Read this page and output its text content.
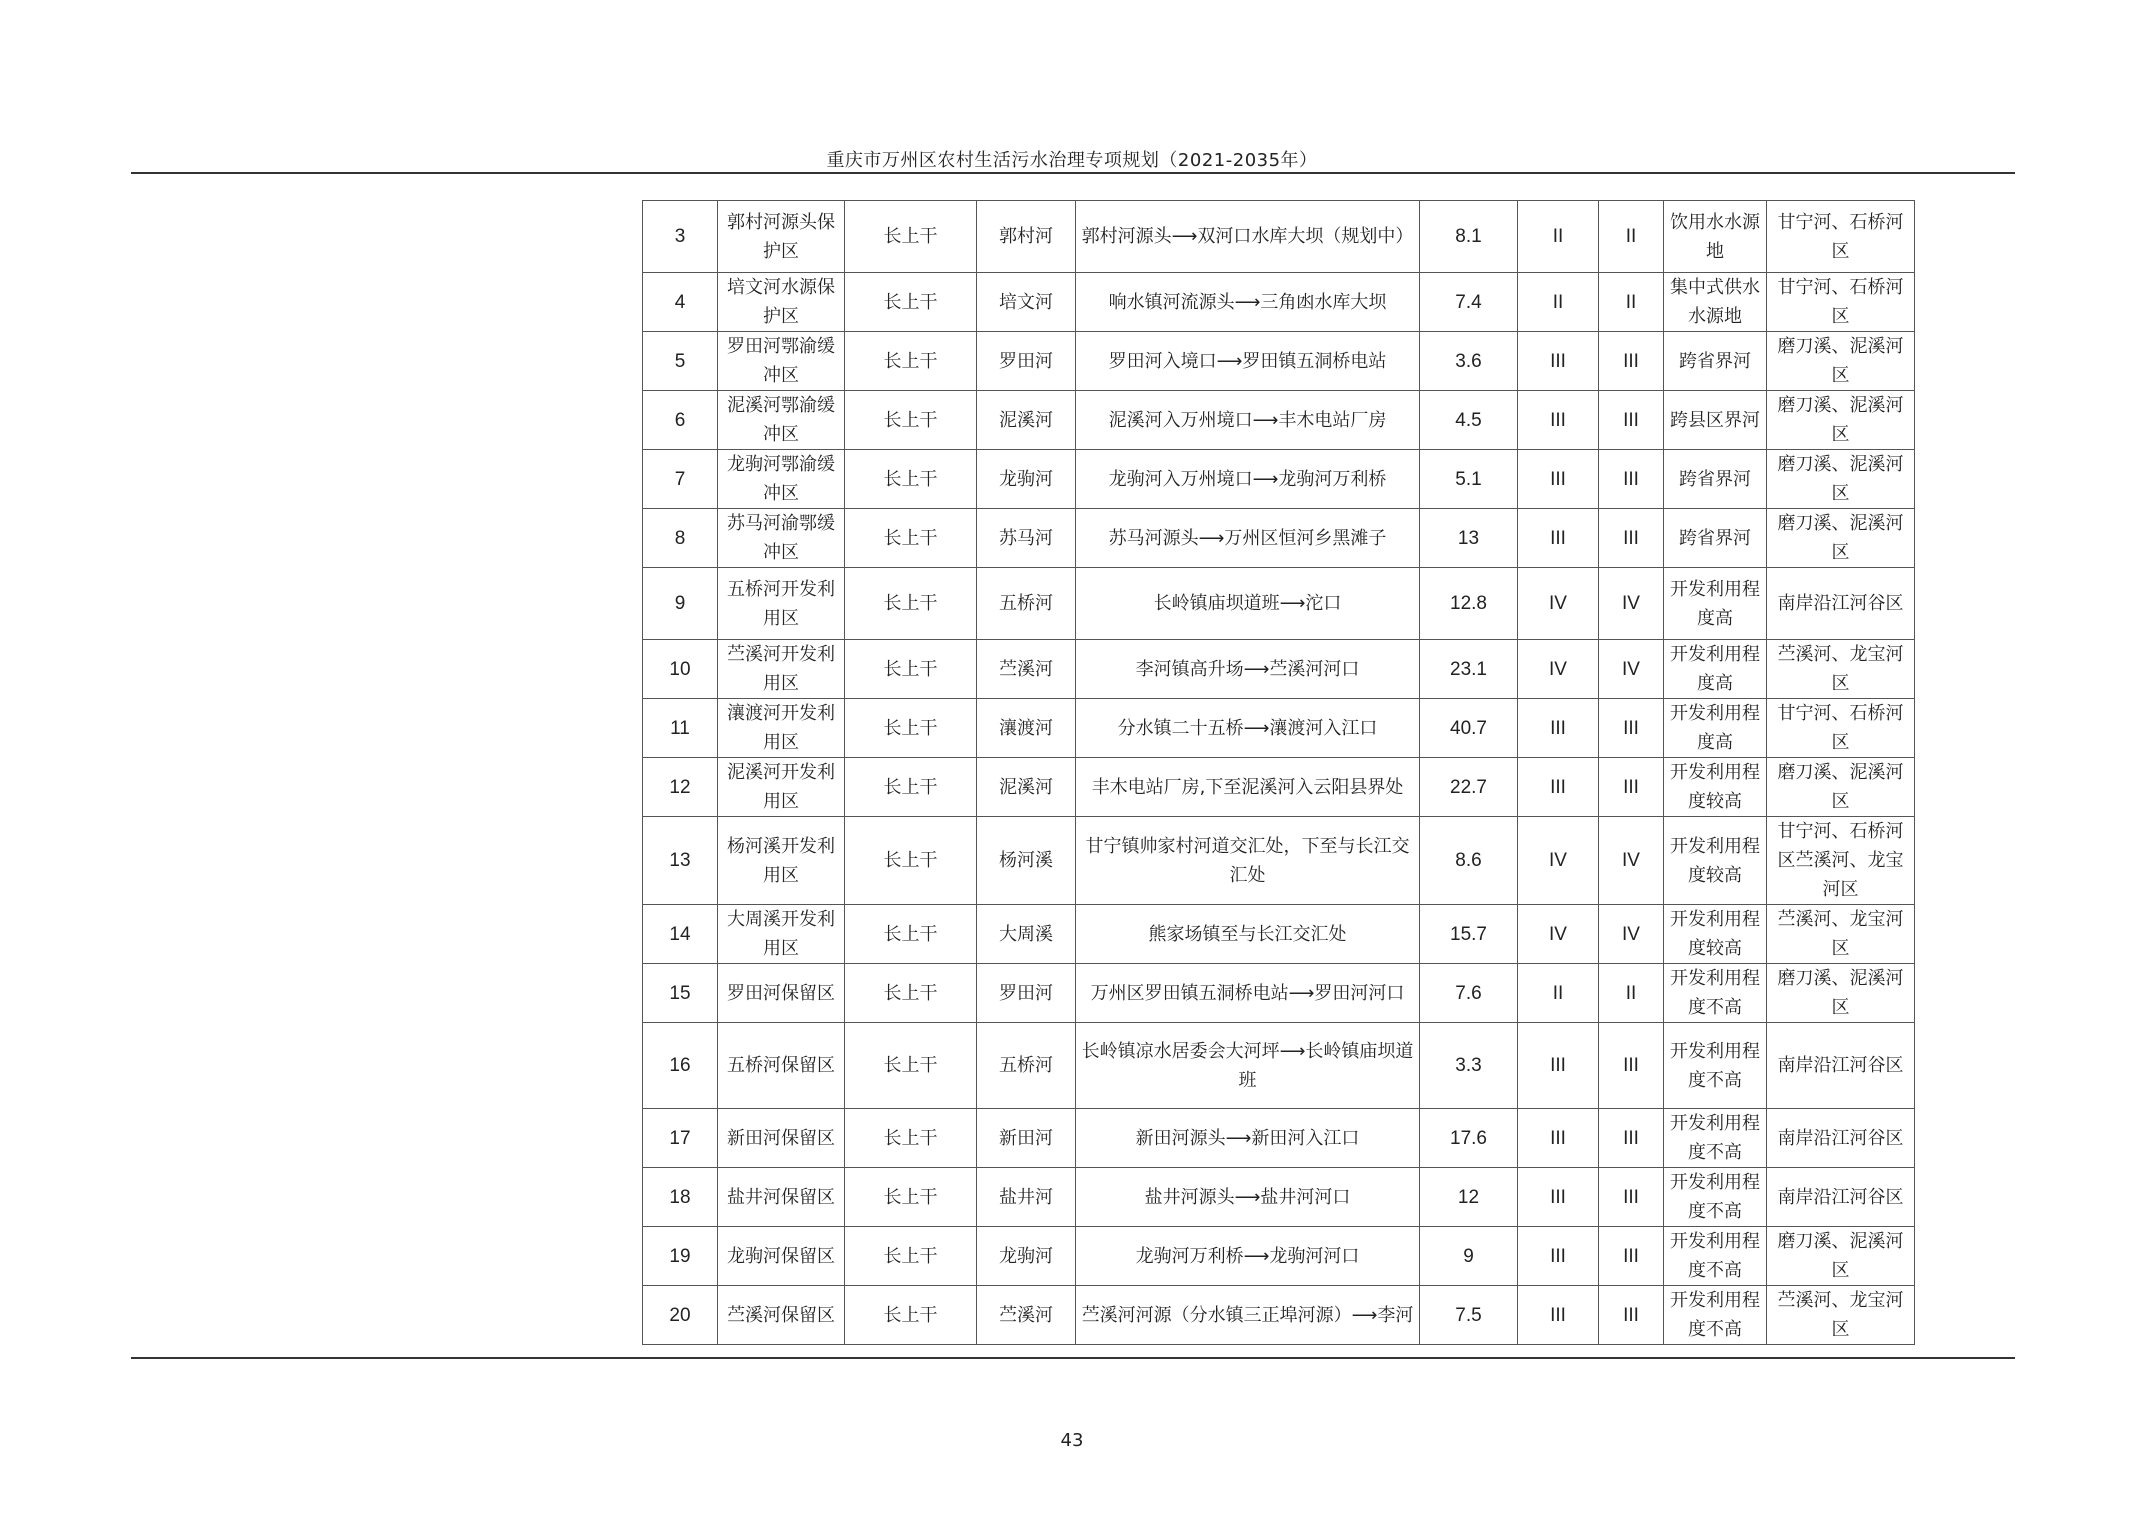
重庆市万州区农村生活污水治理专项规划（2021-2035年）
3	郭村河源头保护区	长上干	郭村河	郭村河源头⟶双河口水库大坝（规划中）	8.1	II	II	饮用水水源地	甘宁河、石桥河区
4	培文河水源保护区	长上干	培文河	响水镇河流源头⟶三角凼水库大坝	7.4	II	II	集中式供水水源地	甘宁河、石桥河区
5	罗田河鄂渝缓冲区	长上干	罗田河	罗田河入境口⟶罗田镇五洞桥电站	3.6	III	III	跨省界河	磨刀溪、泥溪河区
6	泥溪河鄂渝缓冲区	长上干	泥溪河	泥溪河入万州境口⟶丰木电站厂房	4.5	III	III	跨县区界河	磨刀溪、泥溪河区
7	龙驹河鄂渝缓冲区	长上干	龙驹河	龙驹河入万州境口⟶龙驹河万利桥	5.1	III	III	跨省界河	磨刀溪、泥溪河区
8	苏马河渝鄂缓冲区	长上干	苏马河	苏马河源头⟶万州区恒河乡黑滩子	13	III	III	跨省界河	磨刀溪、泥溪河区
9	五桥河开发利用区	长上干	五桥河	长岭镇庙坝道班⟶沱口	12.8	IV	IV	开发利用程度高	南岸沿江河谷区
10	苎溪河开发利用区	长上干	苎溪河	李河镇高升场⟶苎溪河河口	23.1	IV	IV	开发利用程度高	苎溪河、龙宝河区
11	瀼渡河开发利用区	长上干	瀼渡河	分水镇二十五桥⟶瀼渡河入江口	40.7	III	III	开发利用程度高	甘宁河、石桥河区
12	泥溪河开发利用区	长上干	泥溪河	丰木电站厂房,下至泥溪河入云阳县界处	22.7	III	III	开发利用程度较高	磨刀溪、泥溪河区
13	杨河溪开发利用区	长上干	杨河溪	甘宁镇帅家村河道交汇处，下至与长江交汇处	8.6	IV	IV	开发利用程度较高	甘宁河、石桥河区苎溪河、龙宝河区
14	大周溪开发利用区	长上干	大周溪	熊家场镇至与长江交汇处	15.7	IV	IV	开发利用程度较高	苎溪河、龙宝河区
15	罗田河保留区	长上干	罗田河	万州区罗田镇五洞桥电站⟶罗田河河口	7.6	II	II	开发利用程度不高	磨刀溪、泥溪河区
16	五桥河保留区	长上干	五桥河	长岭镇凉水居委会大河坪⟶长岭镇庙坝道班	3.3	III	III	开发利用程度不高	南岸沿江河谷区
17	新田河保留区	长上干	新田河	新田河源头⟶新田河入江口	17.6	III	III	开发利用程度不高	南岸沿江河谷区
18	盐井河保留区	长上干	盐井河	盐井河源头⟶盐井河河口	12	III	III	开发利用程度不高	南岸沿江河谷区
19	龙驹河保留区	长上干	龙驹河	龙驹河万利桥⟶龙驹河河口	9	III	III	开发利用程度不高	磨刀溪、泥溪河区
20	苎溪河保留区	长上干	苎溪河	苎溪河河源（分水镇三正埠河源）⟶李河	7.5	III	III	开发利用程度不高	苎溪河、龙宝河区
43
